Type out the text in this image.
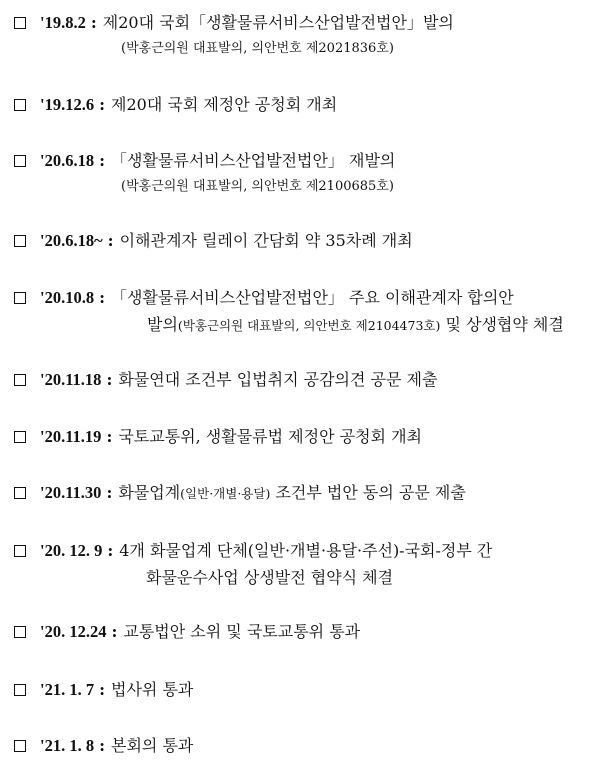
'19.8.2 : 제20대 국회「생활물류서비스산업발전법안」발의
(박홍근의원 대표발의, 의안번호 제2021836호)
'19.12.6 : 제20대 국회 제정안 공청회 개최
'20.6.18 : 「생활물류서비스산업발전법안」 재발의
(박홍근의원 대표발의, 의안번호 제2100685호)
'20.6.18~ : 이해관계자 릴레이 간담회 약 35차례 개최
'20.10.8 : 「생활물류서비스산업발전법안」 주요 이해관계자 합의안
발의(박홍근의원 대표발의, 의안번호 제2104473호) 및 상생협약 체결
'20.11.18 : 화물연대 조건부 입법취지 공감의견 공문 제출
'20.11.19 : 국토교통위, 생활물류법 제정안 공청회 개최
'20.11.30 : 화물업계(일반·개별·용달) 조건부 법안 동의 공문 제출
'20. 12. 9 : 4개 화물업계 단체(일반·개별·용달·주선)-국회-정부 간
화물운수사업 상생발전 협약식 체결
'20. 12.24 : 교통법안 소위 및 국토교통위 통과
'21. 1. 7 : 법사위 통과
'21. 1. 8 : 본회의 통과
